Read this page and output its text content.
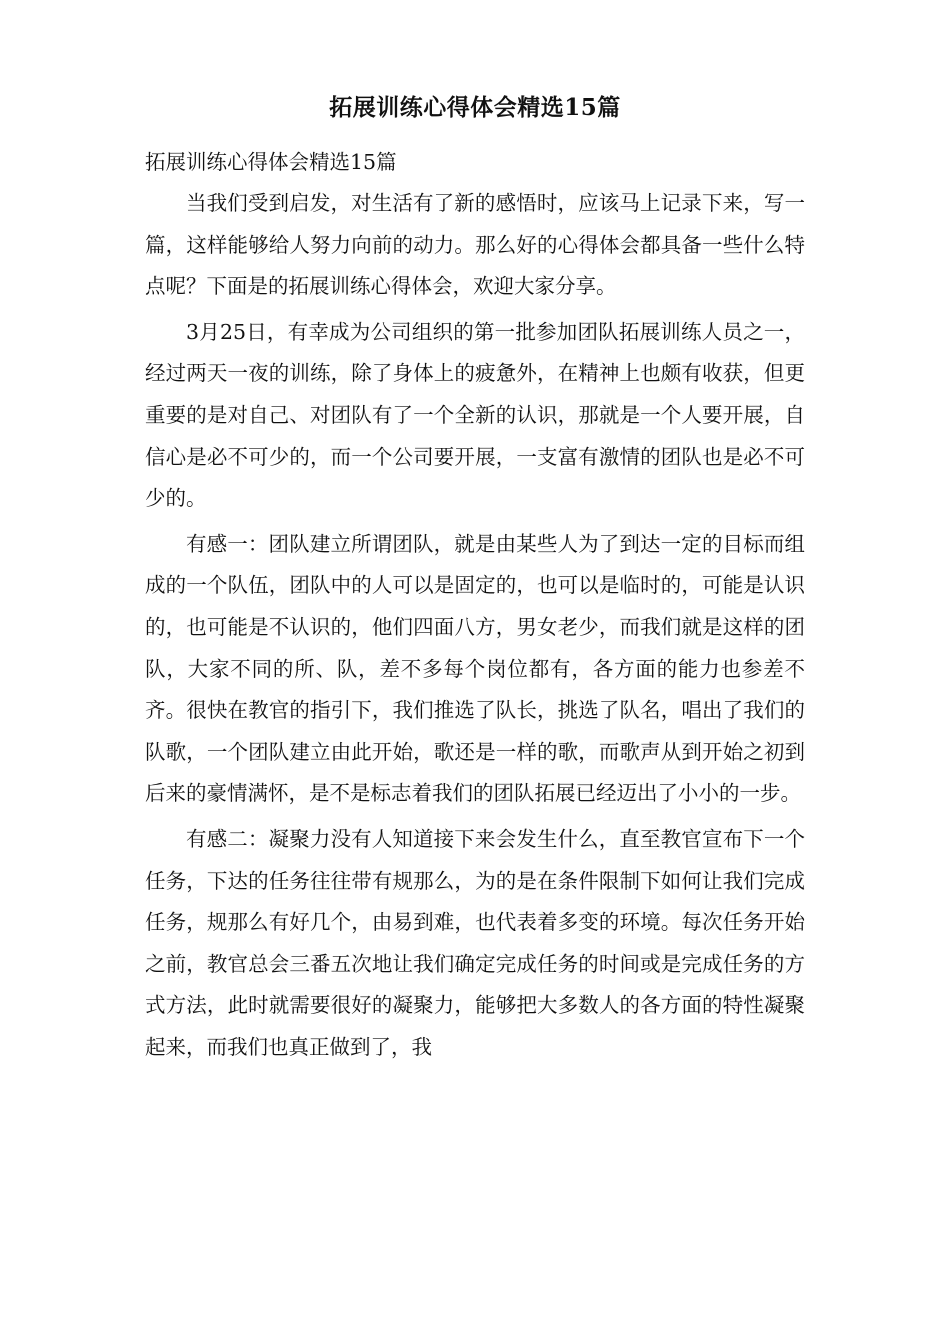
拓展训练心得体会精选15篇

拓展训练心得体会精选15篇

当我们受到启发，对生活有了新的感悟时，应该马上记录下来，写一篇，这样能够给人努力向前的动力。那么好的心得体会都具备一些什么特点呢？下面是的拓展训练心得体会，欢迎大家分享。

3月25日，有幸成为公司组织的第一批参加团队拓展训练人员之一，经过两天一夜的训练，除了身体上的疲惫外，在精神上也颇有收获，但更重要的是对自己、对团队有了一个全新的认识，那就是一个人要开展，自信心是必不可少的，而一个公司要开展，一支富有激情的团队也是必不可少的。

有感一：团队建立所谓团队，就是由某些人为了到达一定的目标而组成的一个队伍，团队中的人可以是固定的，也可以是临时的，可能是认识的，也可能是不认识的，他们四面八方，男女老少，而我们就是这样的团队，大家不同的所、队，差不多每个岗位都有，各方面的能力也参差不齐。很快在教官的指引下，我们推选了队长，挑选了队名，唱出了我们的队歌，一个团队建立由此开始，歌还是一样的歌，而歌声从到开始之初到后来的豪情满怀，是不是标志着我们的团队拓展已经迈出了小小的一步。

有感二：凝聚力没有人知道接下来会发生什么，直至教官宣布下一个任务，下达的任务往往带有规那么，为的是在条件限制下如何让我们完成任务，规那么有好几个，由易到难，也代表着多变的环境。每次任务开始之前，教官总会三番五次地让我们确定完成任务的时间或是完成任务的方式方法，此时就需要很好的凝聚力，能够把大多数人的各方面的特性凝聚起来，而我们也真正做到了，我
